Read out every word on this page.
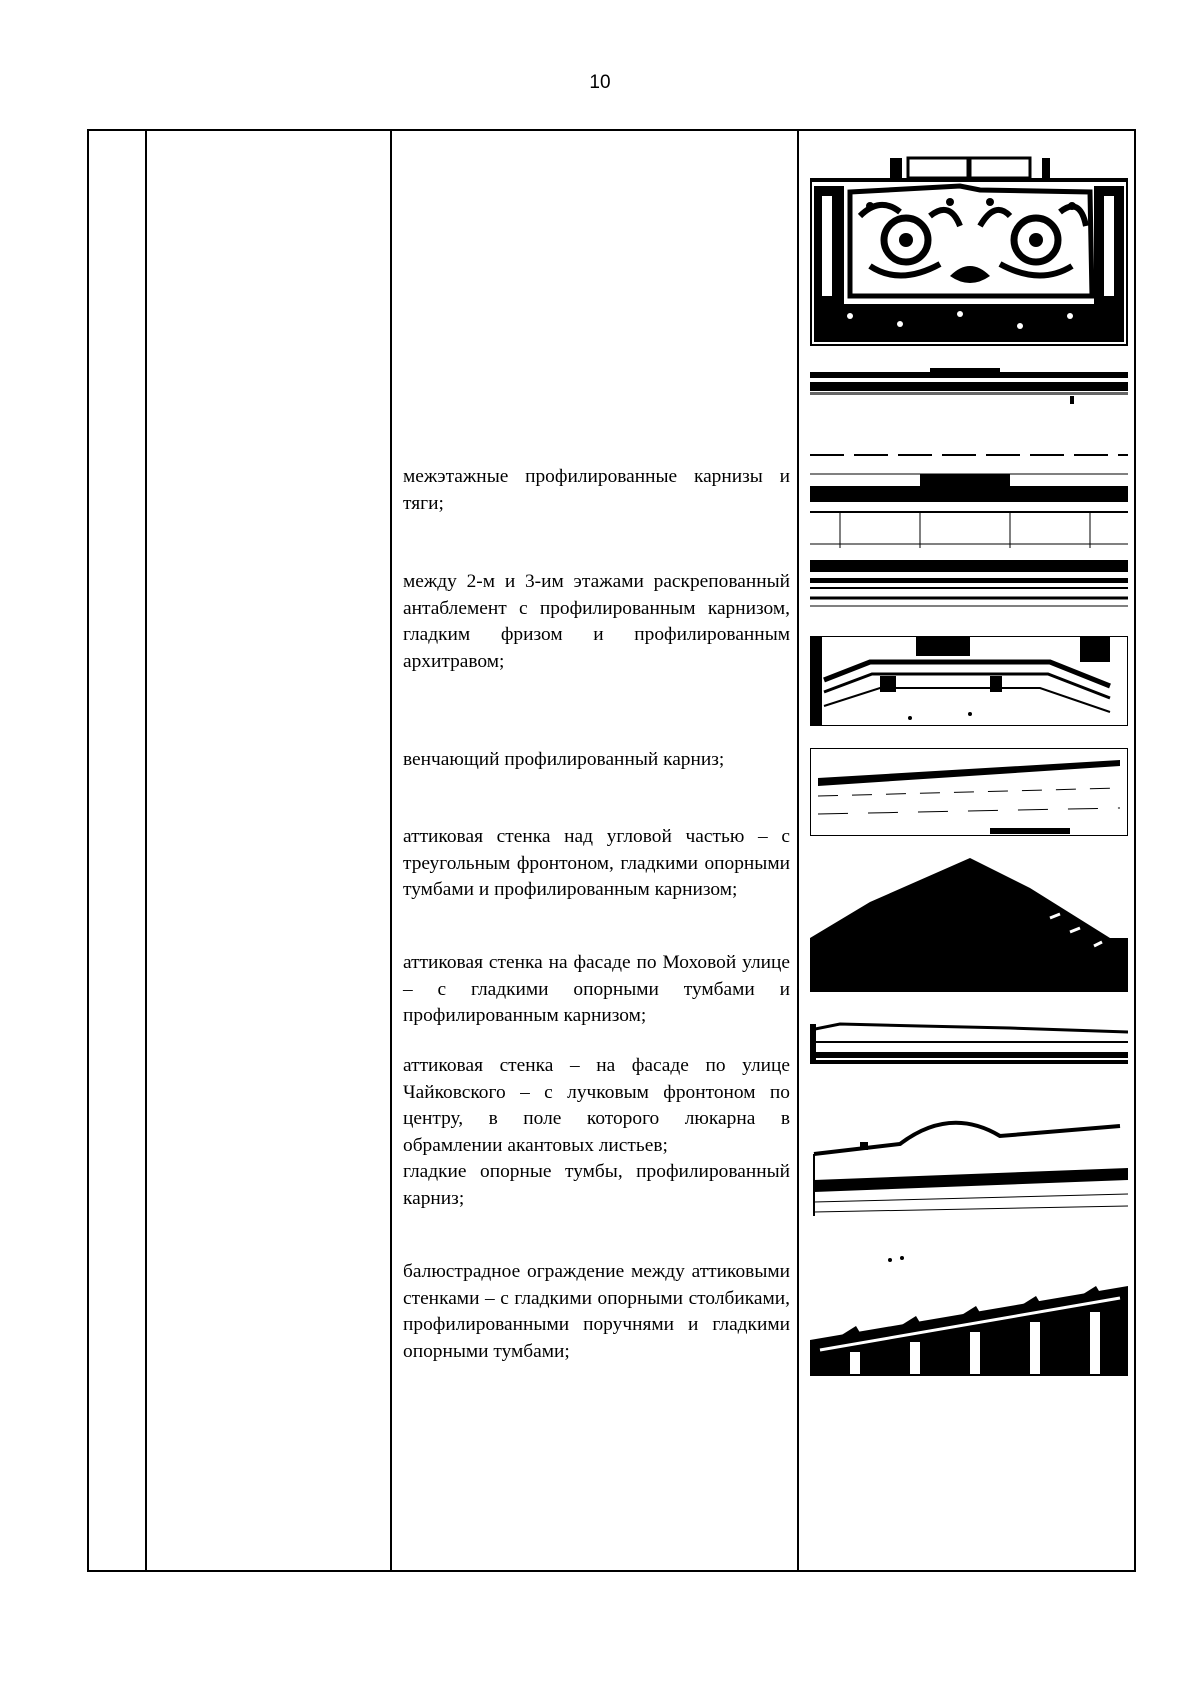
10
межэтажные профилированные карнизы и тяги;
между 2-м и 3-им этажами раскрепованный антаблемент с профилированным карнизом, гладким фризом и профилированным архитравом;
венчающий профилированный карниз;
аттиковая стенка над угловой частью – с треугольным фронтоном, гладкими опорными тумбами и профилированным карнизом;
аттиковая стенка на фасаде по Моховой улице – с гладкими опорными тумбами и профилированным карнизом;
аттиковая стенка – на фасаде по улице Чайковского – с лучковым фронтоном по центру, в поле которого люкарна в обрамлении акантовых листьев;
гладкие опорные тумбы, профилированный карниз;
балюстрадное ограждение между аттиковыми стенками – с гладкими опорными столбиками, профилированными поручнями и гладкими опорными тумбами;
